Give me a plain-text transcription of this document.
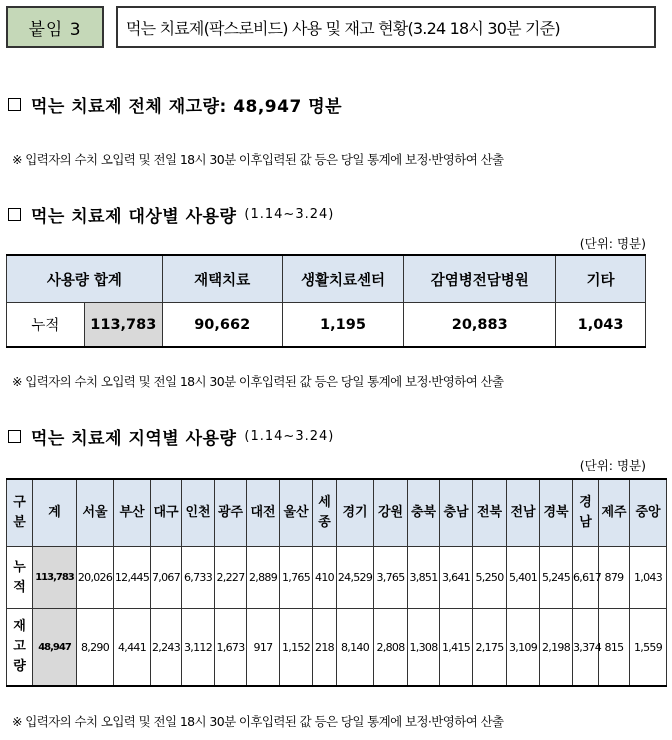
붙임 3	먹는 치료제(팍스로비드) 사용 및 재고 현황(3.24 18시 30분 기준)
먹는 치료제 전체 재고량: 48,947 명분
※ 입력자의 수치 오입력 및 전일 18시 30분 이후입력된 값 등은 당일 통계에 보정·반영하여 산출
먹는 치료제 대상별 사용량 (1.14~3.24)
(단위: 명분)
사용량 합계		재택치료	생활치료센터	감염병전담병원	기타
누적	113,783	90,662	1,195	20,883	1,043
※ 입력자의 수치 오입력 및 전일 18시 30분 이후입력된 값 등은 당일 통계에 보정·반영하여 산출
먹는 치료제 지역별 사용량 (1.14~3.24)
(단위: 명분)
구분	계	서울	부산	대구	인천	광주	대전	울산	세종	경기	강원	충북	충남	전북	전남	경북	경남	제주	중앙
누적	113,783	20,026	12,445	7,067	6,733	2,227	2,889	1,765	410	24,529	3,765	3,851	3,641	5,250	5,401	5,245	6,617	879	1,043
재고량	48,947	8,290	4,441	2,243	3,112	1,673	917	1,152	218	8,140	2,808	1,308	1,415	2,175	3,109	2,198	3,374	815	1,559
※ 입력자의 수치 오입력 및 전일 18시 30분 이후입력된 값 등은 당일 통계에 보정·반영하여 산출
